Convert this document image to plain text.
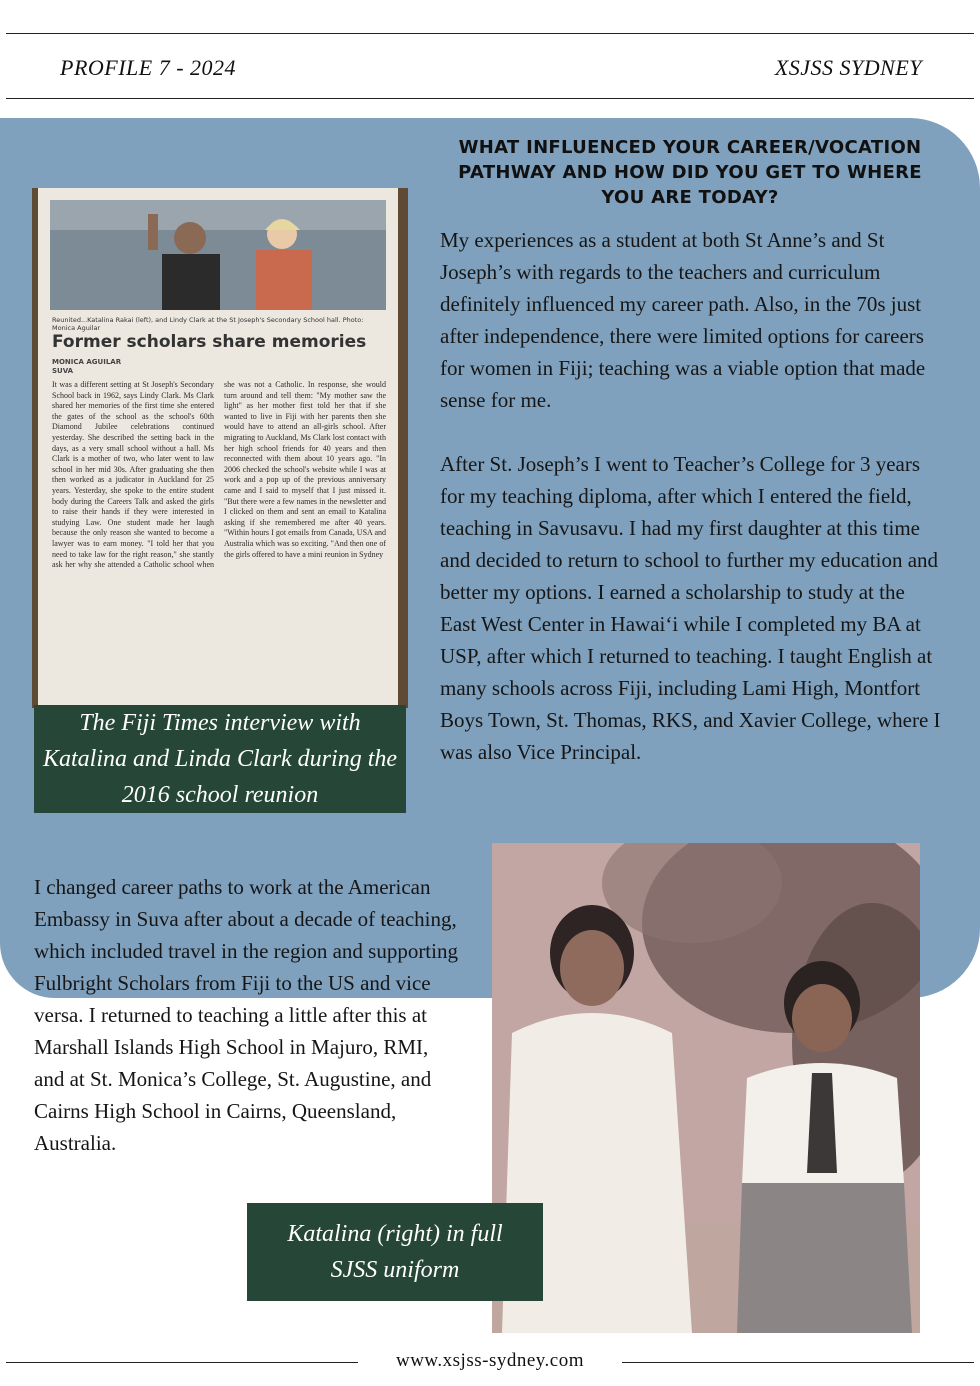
PROFILE 7 - 2024	XSJSS SYDNEY
Reunited...Katalina Rakai (left), and Lindy Clark at the St Joseph's Secondary School hall. Photo: Monica Aguilar
Former scholars share memories
MONICA AGUILAR
SUVA
It was a different setting at St Joseph's Secondary School back in 1962, says Lindy Clark. Ms Clark shared her memories of the first time she entered the gates of the school as the school's 60th Diamond Jubilee celebrations continued yesterday. She described the setting back in the days, as a very small school without a hall. Ms Clark is a mother of two, who later went to law school in her mid 30s. After graduating she then then worked as a judicator in Auckland for 25 years. Yesterday, she spoke to the entire student body during the Careers Talk and asked the girls to raise their hands if they were interested in studying Law. One student made her laugh because the only reason she wanted to become a lawyer was to earn money. "I told her that you need to take law for the right reason," she stantly ask her why she attended a Catholic school when she was not a Catholic. In response, she would turn around and tell them: "My mother saw the light" as her mother first told her that if she wanted to live in Fiji with her parents then she would have to attend an all-girls school. After migrating to Auckland, Ms Clark lost contact with her high school friends for 40 years and then reconnected with them about 10 years ago. "In 2006 checked the school's website while I was at work and a pop up of the previous anniversary came and I said to myself that I just missed it. "But there were a few names in the newsletter and I clicked on them and sent an email to Katalina asking if she remembered me after 40 years. "Within hours I got emails from Canada, USA and Australia which was so exciting. "And then one of the girls offered to have a mini reunion in Sydney
The Fiji Times interview with Katalina and Linda Clark during the 2016 school reunion
WHAT INFLUENCED YOUR CAREER/VOCATION PATHWAY AND HOW DID YOU GET TO WHERE YOU ARE TODAY?

My experiences as a student at both St Anne’s and St Joseph’s with regards to the teachers and curriculum definitely influenced my career path. Also, in the 70s just after independence, there were limited options for careers for women in Fiji; teaching was a viable option that made sense for me.

After St. Joseph’s I went to Teacher’s College for 3 years for my teaching diploma, after which I entered the field, teaching in Savusavu. I had my first daughter at this time and decided to return to school to further my education and better my options. I earned a scholarship to study at the East West Center in Hawaiʻi while I completed my BA at USP, after which I returned to teaching. I taught English at many schools across Fiji, including Lami High, Montfort Boys Town, St. Thomas, RKS, and Xavier College, where I was also Vice Principal.

I changed career paths to work at the American Embassy in Suva after about a decade of teaching, which included travel in the region and supporting Fulbright Scholars from Fiji to the US and vice versa. I returned to teaching a little after this at Marshall Islands High School in Majuro, RMI, and at St. Monica’s College, St. Augustine, and Cairns High School in Cairns, Queensland, Australia.

Katalina (right) in full SJSS uniform
www.xsjss-sydney.com
